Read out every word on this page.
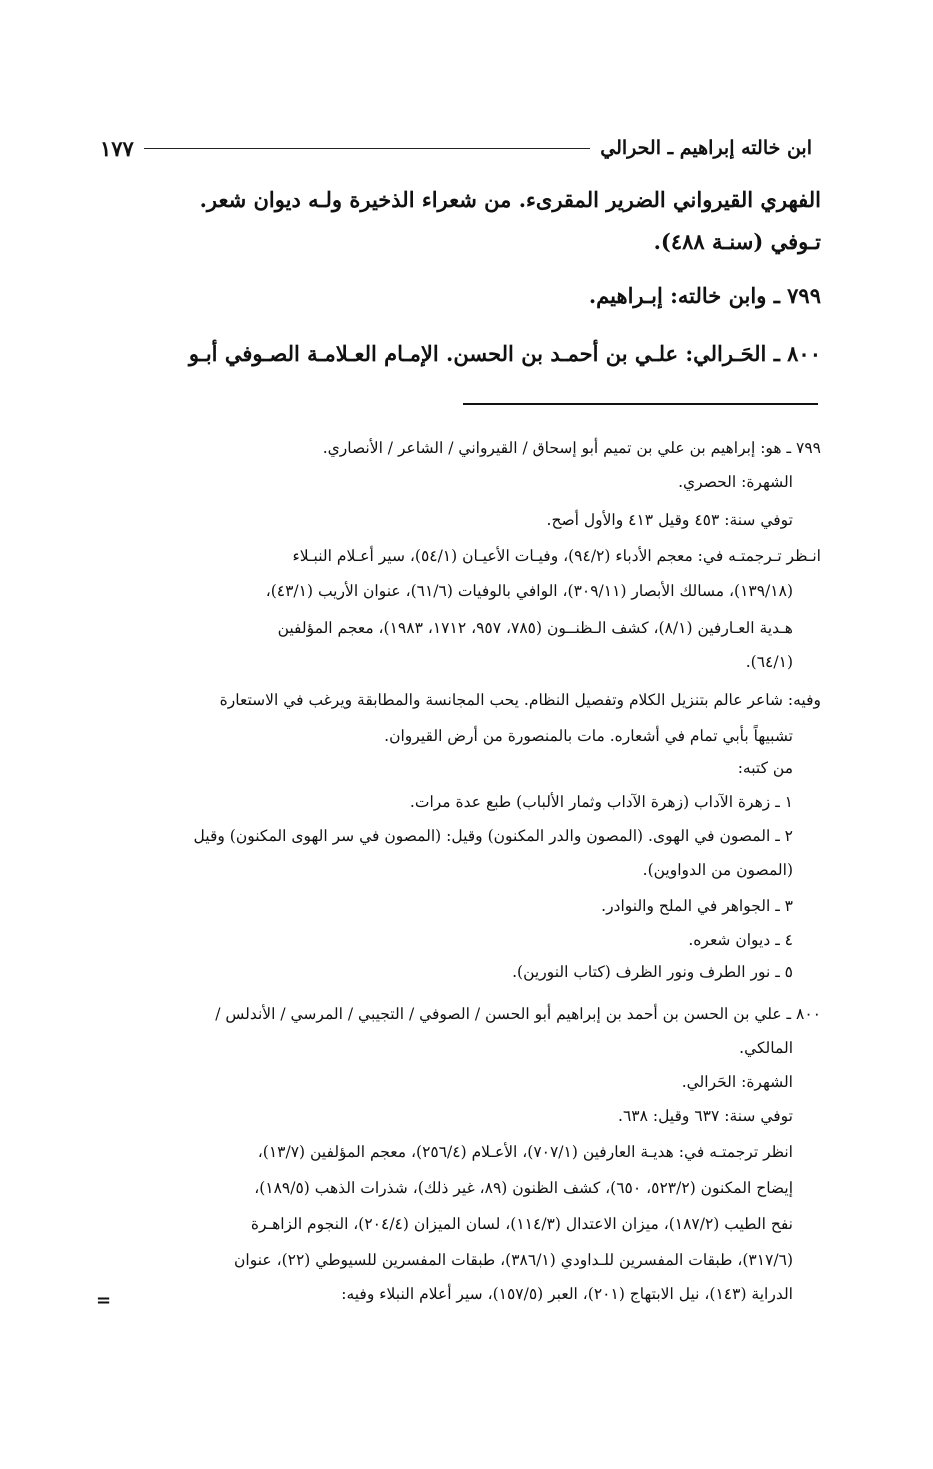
ابن خالته إبراهيم ـ الحرالي
١٧٧
الفهري القيرواني الضرير المقرىء. من شعراء الذخيرة ولـه ديوان شعر.
تـوفي (سنـة ٤٨٨).
٧٩٩ ـ وابن خالته: إبـراهيم.
٨٠٠ ـ الحَـرالي: علـي بن أحمـد بن الحسن. الإمـام العـلامـة الصـوفي أبـو
٧٩٩ ـ هو: إبراهيم بن علي بن تميم أبو إسحاق / القيرواني / الشاعر / الأنصاري.
الشهرة: الحصري.
توفي سنة: ٤٥٣ وقيل ٤١٣ والأول أصح.
انـظر تـرجمتـه في: معجم الأدباء (٩٤/٢)، وفيـات الأعيـان (٥٤/١)، سير أعـلام النبـلاء
(١٣٩/١٨)، مسالك الأبصار (٣٠٩/١١)، الوافي بالوفيات (٦١/٦)، عنوان الأريب (٤٣/١)،
هـدية العـارفين (٨/١)، كشف الـظنــون (٧٨٥، ٩٥٧، ١٧١٢، ١٩٨٣)، معجم المؤلفين
(٦٤/١).
وفيه: شاعر عالم بتنزيل الكلام وتفصيل النظام. يحب المجانسة والمطابقة ويرغب في الاستعارة
تشبيهاً بأبي تمام في أشعاره. مات بالمنصورة من أرض القيروان.
من كتبه:
١ ـ زهرة الآداب (زهرة الآداب وثمار الألباب) طبع عدة مرات.
٢ ـ المصون في الهوى. (المصون والدر المكنون) وقيل: (المصون في سر الهوى المكنون) وقيل
(المصون من الدواوين).
٣ ـ الجواهر في الملح والنوادر.
٤ ـ ديوان شعره.
٥ ـ نور الطرف ونور الظرف (كتاب النورين).
٨٠٠ ـ علي بن الحسن بن أحمد بن إبراهيم أبو الحسن / الصوفي / التجيبي / المرسي / الأندلس /
المالكي.
الشهرة: الحَرالي.
توفي سنة: ٦٣٧ وقيل: ٦٣٨.
انظر ترجمتـه في: هديـة العارفين (٧٠٧/١)، الأعـلام (٢٥٦/٤)، معجم المؤلفين (١٣/٧)،
إيضاح المكنون (٥٢٣/٢، ٦٥٠)، كشف الظنون (٨٩، غير ذلك)، شذرات الذهب (١٨٩/٥)،
نفح الطيب (١٨٧/٢)، ميزان الاعتدال (١١٤/٣)، لسان الميزان (٢٠٤/٤)، النجوم الزاهـرة
(٣١٧/٦)، طبقات المفسرين للـداودي (٣٨٦/١)، طبقات المفسرين للسيوطي (٢٢)، عنوان
الدراية (١٤٣)، نيل الابتهاج (٢٠١)، العبر (١٥٧/٥)، سير أعلام النبلاء وفيه:
=
